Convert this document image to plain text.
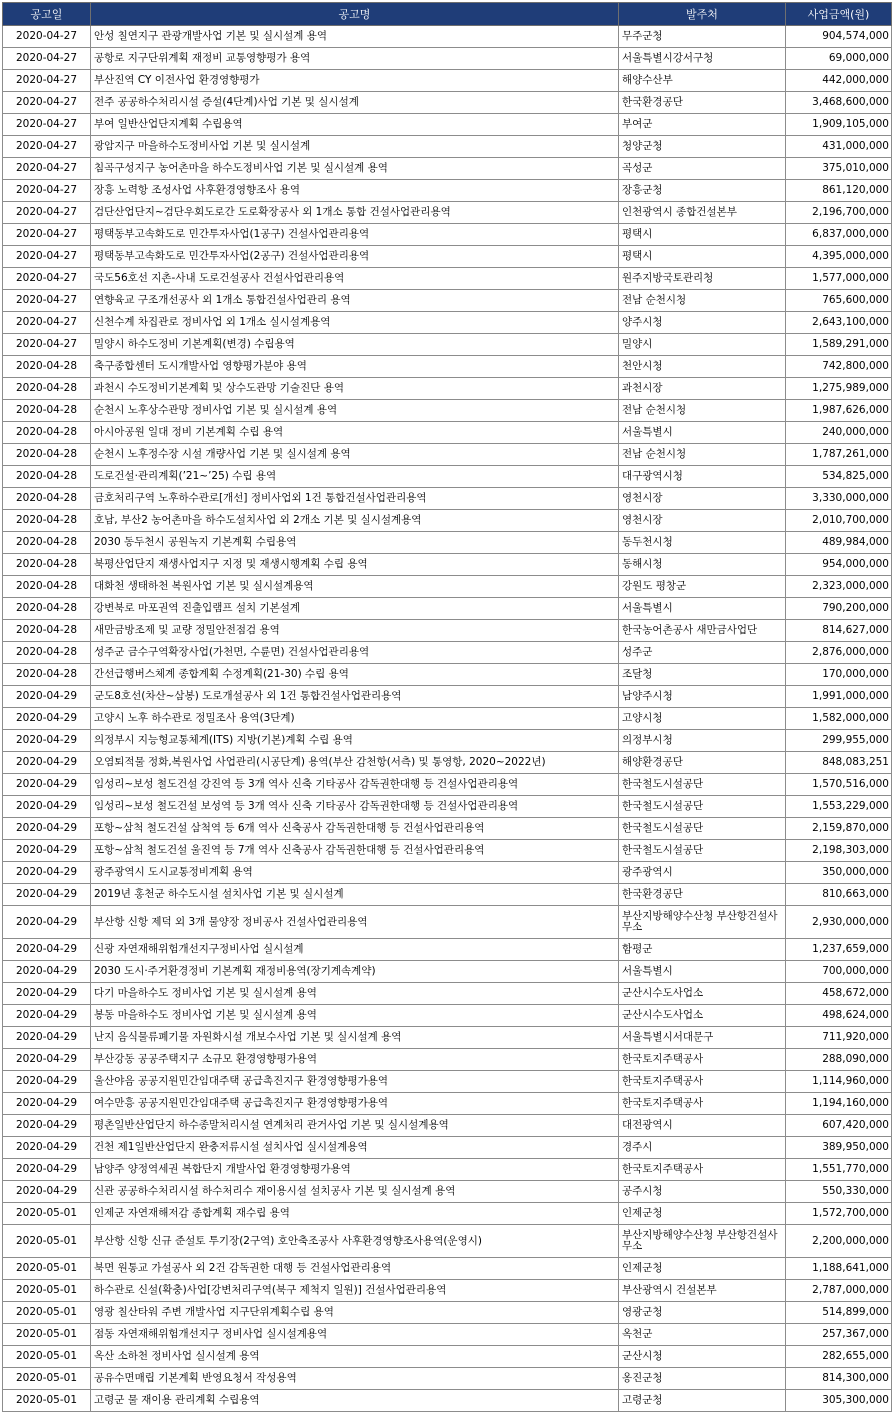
공고일	공고명	발주처	사업금액(원)
2020-04-27	안성 칠연지구 관광개발사업 기본 및 실시설계 용역	무주군청	904,574,000
2020-04-27	공항로 지구단위계획 재정비 교통영향평가 용역	서울특별시강서구청	69,000,000
2020-04-27	부산진역 CY 이전사업 환경영향평가	해양수산부	442,000,000
2020-04-27	전주 공공하수처리시설 증설(4단계)사업 기본 및 실시설계	한국환경공단	3,468,600,000
2020-04-27	부여 일반산업단지계획 수립용역	부여군	1,909,105,000
2020-04-27	광암지구 마을하수도정비사업 기본 및 실시설계	청양군청	431,000,000
2020-04-27	침곡구성지구 농어촌마을 하수도정비사업 기본 및 실시설계 용역	곡성군	375,010,000
2020-04-27	장흥 노력항 조성사업 사후환경영향조사 용역	장흥군청	861,120,000
2020-04-27	검단산업단지~검단우회도로간 도로확장공사 외 1개소 통합 건설사업관리용역	인천광역시 종합건설본부	2,196,700,000
2020-04-27	평택동부고속화도로 민간투자사업(1공구) 건설사업관리용역	평택시	6,837,000,000
2020-04-27	평택동부고속화도로 민간투자사업(2공구) 건설사업관리용역	평택시	4,395,000,000
2020-04-27	국도56호선 지촌-사내 도로건설공사 건설사업관리용역	원주지방국토관리청	1,577,000,000
2020-04-27	연향육교 구조개선공사 외 1개소 통합건설사업관리 용역	전남 순천시청	765,600,000
2020-04-27	신천수계 차집관로 정비사업 외 1개소 실시설계용역	양주시청	2,643,100,000
2020-04-27	밀양시 하수도정비 기본계획(변경) 수립용역	밀양시	1,589,291,000
2020-04-28	축구종합센터 도시개발사업 영향평가분야 용역	천안시청	742,800,000
2020-04-28	과천시 수도정비기본계획 및 상수도관망 기술진단 용역	과천시장	1,275,989,000
2020-04-28	순천시 노후상수관망 정비사업 기본 및 실시설계 용역	전남 순천시청	1,987,626,000
2020-04-28	아시아공원 일대 정비 기본계획 수립 용역	서울특별시	240,000,000
2020-04-28	순천시 노후정수장 시설 개량사업 기본 및 실시설계 용역	전남 순천시청	1,787,261,000
2020-04-28	도로건설·관리계획(’21~’25) 수립 용역	대구광역시청	534,825,000
2020-04-28	금호처리구역 노후하수관로[개선] 정비사업외 1건 통합건설사업관리용역	영천시장	3,330,000,000
2020-04-28	호남, 부산2 농어촌마을 하수도설치사업 외 2개소 기본 및 실시설계용역	영천시장	2,010,700,000
2020-04-28	2030 동두천시 공원녹지 기본계획 수립용역	동두천시청	489,984,000
2020-04-28	북평산업단지 재생사업지구 지정 및 재생시행계획 수립 용역	동해시청	954,000,000
2020-04-28	대화천 생태하천 복원사업 기본 및 실시설계용역	강원도 평창군	2,323,000,000
2020-04-28	강변북로 마포권역 진출입램프 설치 기본설계	서울특별시	790,200,000
2020-04-28	새만금방조제 및 교량 정밀안전점검 용역	한국농어촌공사 새만금사업단	814,627,000
2020-04-28	성주군 금수구역확장사업(가천면, 수륜면) 건설사업관리용역	성주군	2,876,000,000
2020-04-28	간선급행버스체계 종합계획 수정계획(21-30) 수립 용역	조달청	170,000,000
2020-04-29	군도8호선(차산~삼봉) 도로개설공사 외 1건 통합건설사업관리용역	남양주시청	1,991,000,000
2020-04-29	고양시 노후 하수관로 정밀조사 용역(3단계)	고양시청	1,582,000,000
2020-04-29	의정부시 지능형교통체계(ITS) 지방(기본)계획 수립 용역	의정부시청	299,955,000
2020-04-29	오염퇴적물 정화,복원사업 사업관리(시공단계) 용역(부산 감천항(서측) 및 통영항, 2020~2022년)	해양환경공단	848,083,251
2020-04-29	임성리~보성 철도건설 강진역 등 3개 역사 신축 기타공사 감독권한대행 등 건설사업관리용역	한국철도시설공단	1,570,516,000
2020-04-29	임성리~보성 철도건설 보성역 등 3개 역사 신축 기타공사 감독권한대행 등 건설사업관리용역	한국철도시설공단	1,553,229,000
2020-04-29	포항~삼척 철도건설 삼척역 등 6개 역사 신축공사 감독권한대행 등 건설사업관리용역	한국철도시설공단	2,159,870,000
2020-04-29	포항~삼척 철도건설 울진역 등 7개 역사 신축공사 감독권한대행 등 건설사업관리용역	한국철도시설공단	2,198,303,000
2020-04-29	광주광역시 도시교통정비계획 용역	광주광역시	350,000,000
2020-04-29	2019년 홍천군 하수도시설 설치사업 기본 및 실시설계	한국환경공단	810,663,000
2020-04-29	부산항 신항 제덕 외 3개 물양장 정비공사 건설사업관리용역	부산지방해양수산청 부산항건설사무소	2,930,000,000
2020-04-29	신광 자연재해위험개선지구정비사업 실시설계	함평군	1,237,659,000
2020-04-29	2030 도시·주거환경정비 기본계획 재정비용역(장기계속계약)	서울특별시	700,000,000
2020-04-29	다기 마을하수도 정비사업 기본 및 실시설계 용역	군산시수도사업소	458,672,000
2020-04-29	봉동 마을하수도 정비사업 기본 및 실시설계 용역	군산시수도사업소	498,624,000
2020-04-29	난지 음식물류폐기물 자원화시설 개보수사업 기본 및 실시설계 용역	서울특별시서대문구	711,920,000
2020-04-29	부산강동 공공주택지구 소규모 환경영향평가용역	한국토지주택공사	288,090,000
2020-04-29	울산야음 공공지원민간임대주택 공급촉진지구 환경영향평가용역	한국토지주택공사	1,114,960,000
2020-04-29	여수만흥 공공지원민간임대주택 공급촉진지구 환경영향평가용역	한국토지주택공사	1,194,160,000
2020-04-29	평촌일반산업단지 하수종말처리시설 연계처리 관거사업 기본 및 실시설계용역	대전광역시	607,420,000
2020-04-29	건천 제1일반산업단지 완충저류시설 설치사업 실시설계용역	경주시	389,950,000
2020-04-29	남양주 양정역세권 복합단지 개발사업 환경영향평가용역	한국토지주택공사	1,551,770,000
2020-04-29	신관 공공하수처리시설 하수처리수 재이용시설 설치공사 기본 및 실시설계 용역	공주시청	550,330,000
2020-05-01	인제군 자연재해저감 종합계획 재수립 용역	인제군청	1,572,700,000
2020-05-01	부산항 신항 신규 준설토 투기장(2구역) 호안축조공사 사후환경영향조사용역(운영시)	부산지방해양수산청 부산항건설사무소	2,200,000,000
2020-05-01	북면 원통교 가설공사 외 2건 감독권한 대행 등 건설사업관리용역	인제군청	1,188,641,000
2020-05-01	하수관로 신설(확충)사업[강변처리구역(북구 제척지 일원)] 건설사업관리용역	부산광역시 건설본부	2,787,000,000
2020-05-01	영광 칠산타워 주변 개발사업 지구단위계획수립 용역	영광군청	514,899,000
2020-05-01	점동 자연재해위험개선지구 정비사업 실시설계용역	옥천군	257,367,000
2020-05-01	옥산 소하천 정비사업 실시설계 용역	군산시청	282,655,000
2020-05-01	공유수면매립 기본계획 반영요청서 작성용역	옹진군청	814,300,000
2020-05-01	고령군 물 재이용 관리계획 수립용역	고령군청	305,300,000
